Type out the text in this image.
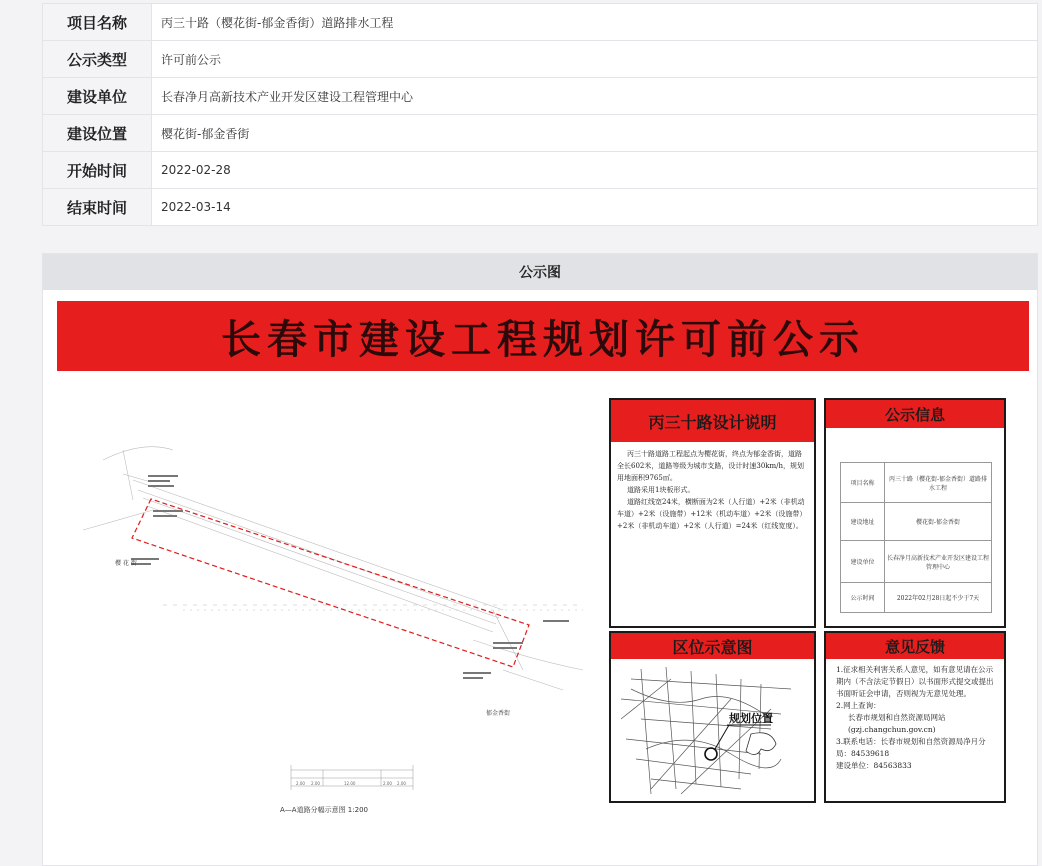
项目名称	丙三十路（樱花街-郁金香街）道路排水工程
公示类型	许可前公示
建设单位	长春净月高新技术产业开发区建设工程管理中心
建设位置	樱花街-郁金香街
开始时间	2022-02-28
结束时间	2022-03-14
公示图
长春市建设工程规划许可前公示
樱 花 街
郁金香街
2.00 2.00	12.00	2.00 2.00
A—A道路分幅示意图 1:200
丙三十路设计说明

丙三十路道路工程起点为樱花街，终点为郁金香街，道路全长602米，道路等级为城市支路，设计时速30km/h，规划用地面积9765㎡。

道路采用1块板形式。

道路红线宽24米，横断面为2米（人行道）+2米（非机动车道）+2米（设施带）+12米（机动车道）+2米（设施带）+2米（非机动车道）+2米（人行道）=24米（红线宽度）。

公示信息
项目名称	丙三十路（樱花街-郁金香街）道路排水工程
建设地址	樱花街-郁金香街
建设单位	长春净月高新技术产业开发区建设工程管理中心
公示时间	2022年02月28日起不少于7天
区位示意图
规划位置
意见反馈

1.征求相关利害关系人意见，如有意见请在公示期内（不含法定节假日）以书面形式提交或提出书面听证会申请，否则视为无意见处理。

2.网上查询：

长春市规划和自然资源局网站

(gzj.changchun.gov.cn)

3.联系电话：长春市规划和自然资源局净月分局：84539618

建设单位：84563833
